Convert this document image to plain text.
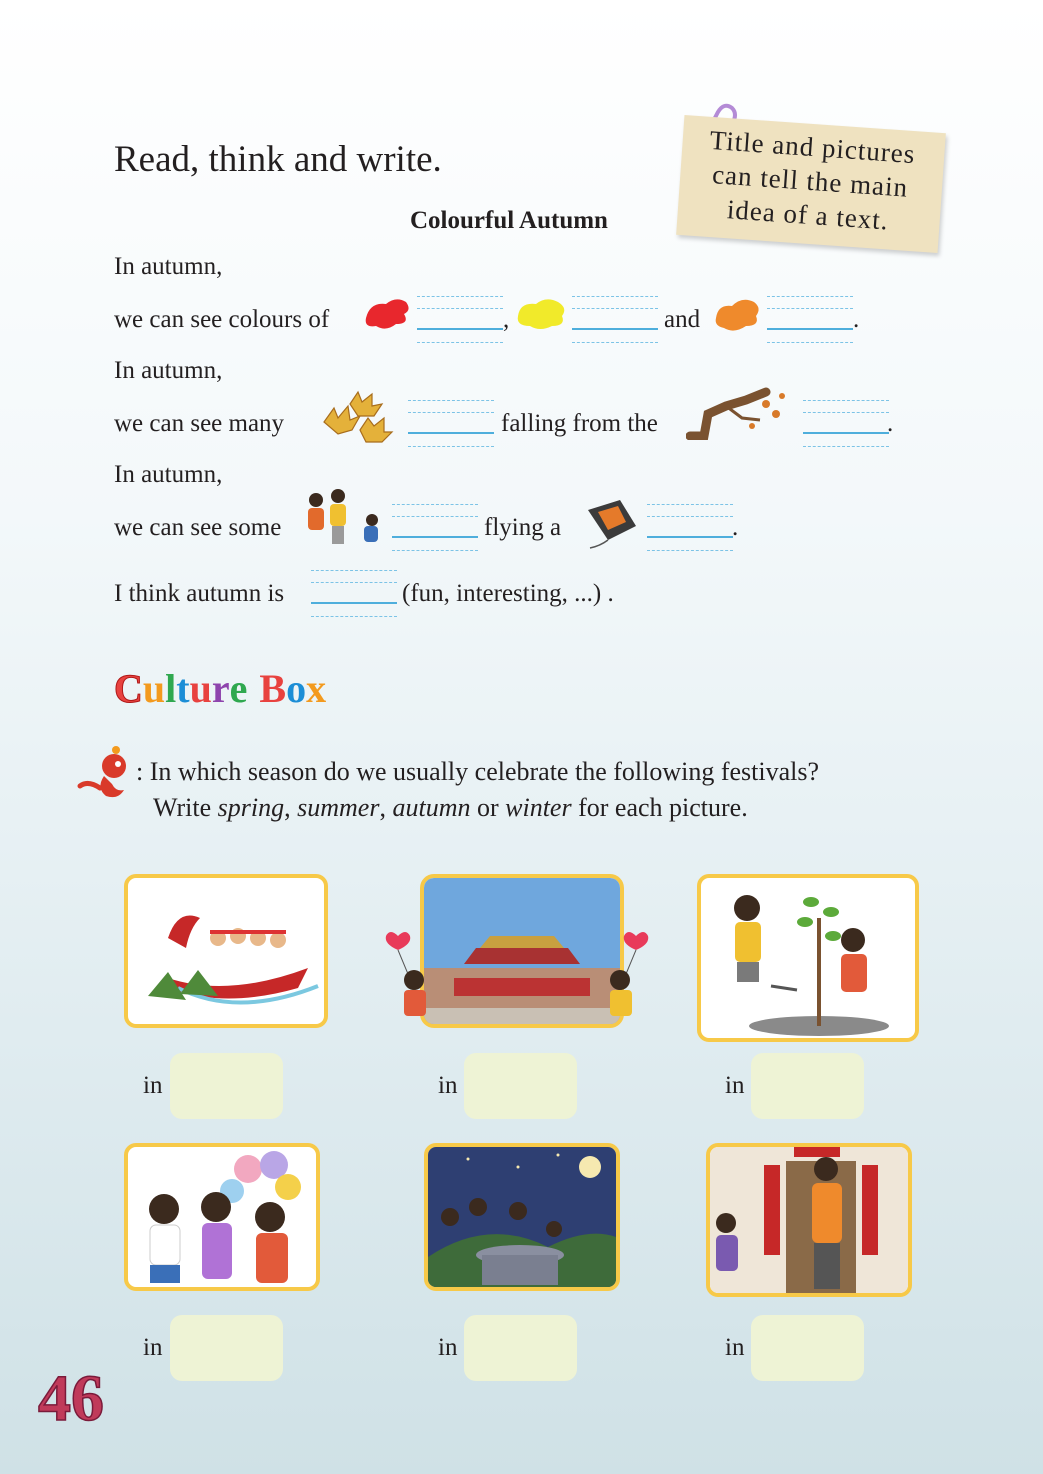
Read, think and write.	Title and pictures
can tell the main
idea of a text.
Colourful Autumn
In autumn,
we can see colours of	,	and	.
In autumn,
we can see many	falling from the	.
In autumn,
we can see some	flying a	.
I think autumn is	(fun, interesting, ...) .
Culture Box
: In which season do we usually celebrate the following festivals?
Write spring, summer, autumn or winter for each picture.
in	in	in
in	in	in
46
